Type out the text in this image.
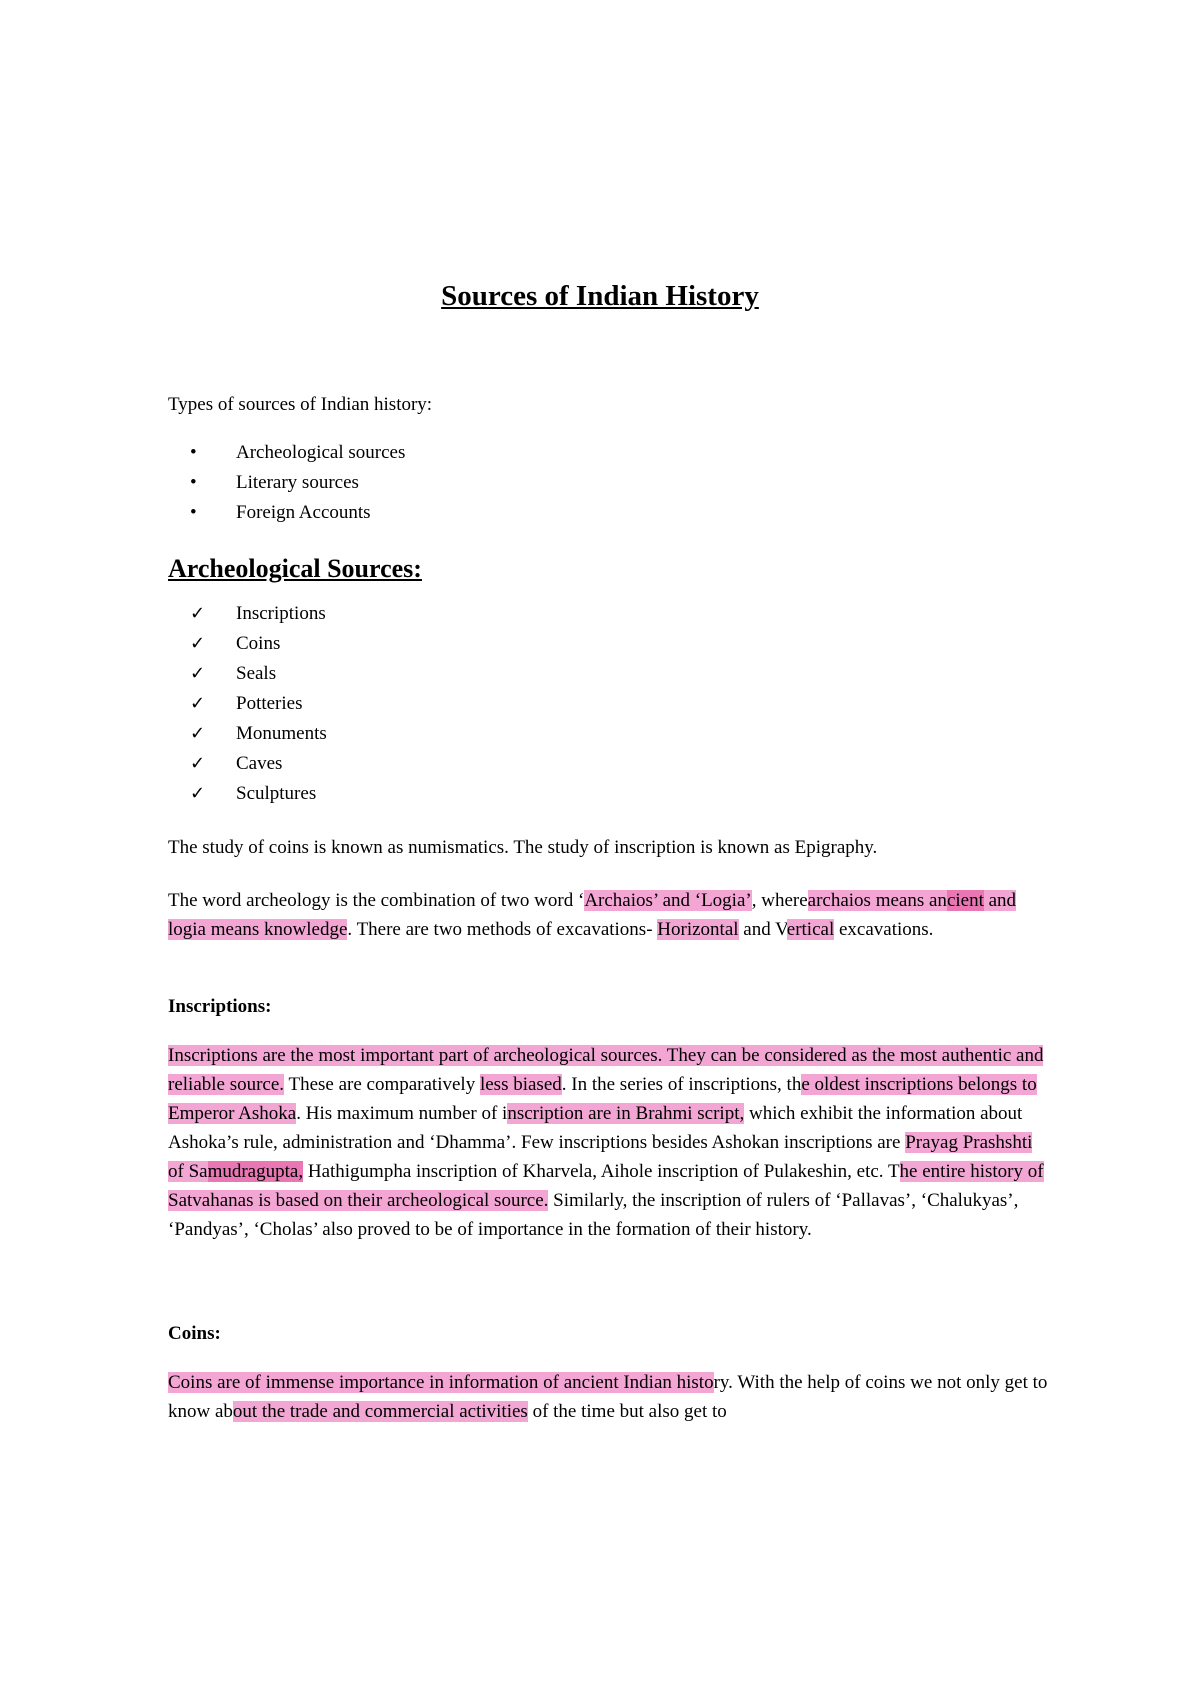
Sources of Indian History

Types of sources of Indian history:

• Archeological sources
• Literary sources
• Foreign Accounts
Archeological Sources:
✓ Inscriptions
✓ Coins
✓ Seals
✓ Potteries
✓ Monuments
✓ Caves
✓ Sculptures

The study of coins is known as numismatics. The study of inscription is known as Epigraphy.

The word archeology is the combination of two word ‘Archaios’ and ‘Logia’, wherearchaios means ancient and logia means knowledge. There are two methods of excavations- Horizontal and Vertical excavations.

Inscriptions:

Inscriptions are the most important part of archeological sources. They can be considered as the most authentic and reliable source. These are comparatively less biased. In the series of inscriptions, the oldest inscriptions belongs to Emperor Ashoka. His maximum number of inscription are in Brahmi script, which exhibit the information about Ashoka’s rule, administration and ‘Dhamma’. Few inscriptions besides Ashokan inscriptions are Prayag Prashshti of Samudragupta, Hathigumpha inscription of Kharvela, Aihole inscription of Pulakeshin, etc. The entire history of Satvahanas is based on their archeological source. Similarly, the inscription of rulers of ‘Pallavas’, ‘Chalukyas’, ‘Pandyas’, ‘Cholas’ also proved to be of importance in the formation of their history.

Coins:

Coins are of immense importance in information of ancient Indian history. With the help of coins we not only get to know about the trade and commercial activities of the time but also get to
